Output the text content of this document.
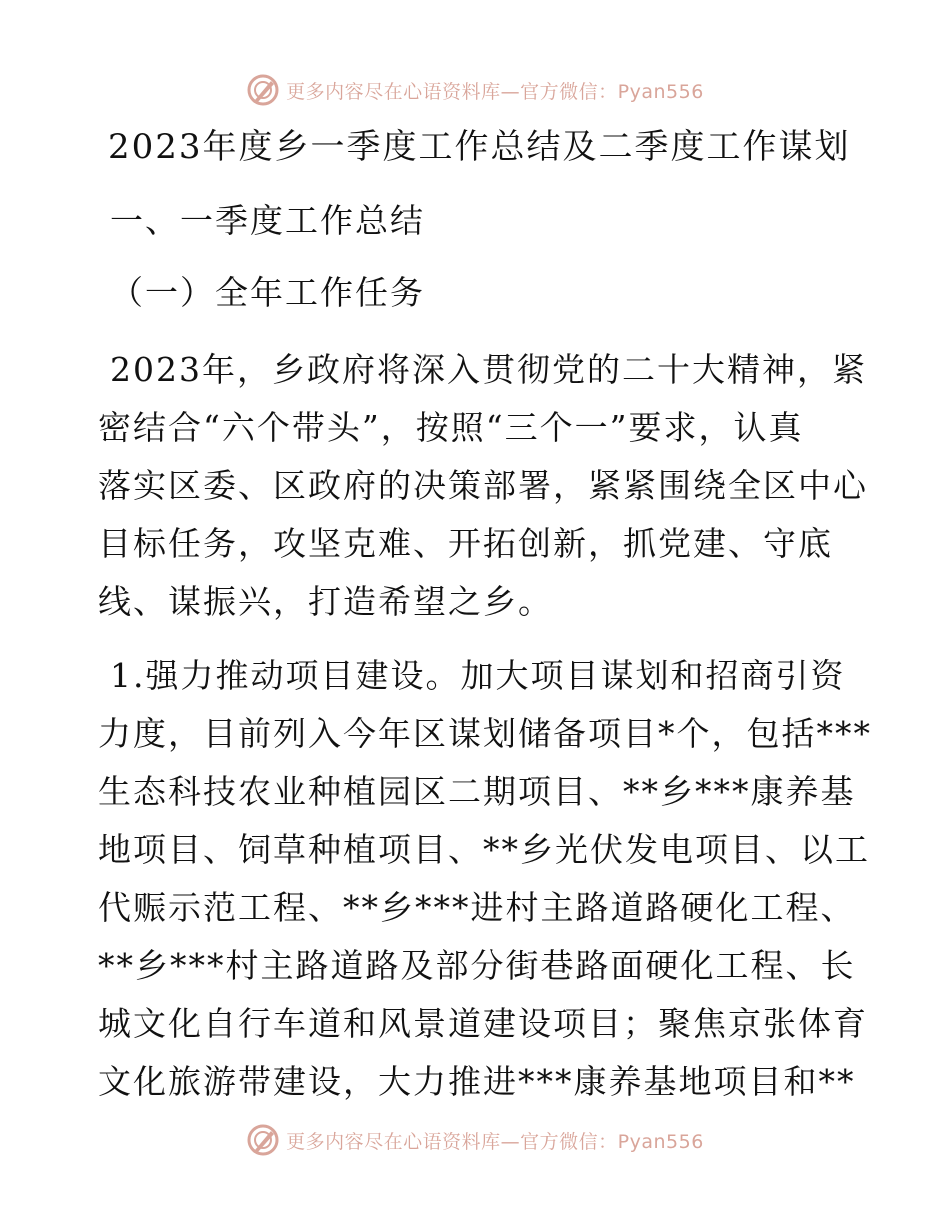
更多内容尽在心语资料库—官方微信：Pyan556
2023年度乡一季度工作总结及二季度工作谋划
一、一季度工作总结
（一）全年工作任务
2023年，乡政府将深入贯彻党的二十大精神，紧
密结合“六个带头”，按照“三个一”要求，认真
落实区委、区政府的决策部署，紧紧围绕全区中心
目标任务，攻坚克难、开拓创新，抓党建、守底
线、谋振兴，打造希望之乡。
1.强力推动项目建设。加大项目谋划和招商引资
力度，目前列入今年区谋划储备项目*个，包括***
生态科技农业种植园区二期项目、**乡***康养基
地项目、饲草种植项目、**乡光伏发电项目、以工
代赈示范工程、**乡***进村主路道路硬化工程、
**乡***村主路道路及部分街巷路面硬化工程、长
城文化自行车道和风景道建设项目；聚焦京张体育
文化旅游带建设，大力推进***康养基地项目和**
更多内容尽在心语资料库—官方微信：Pyan556
